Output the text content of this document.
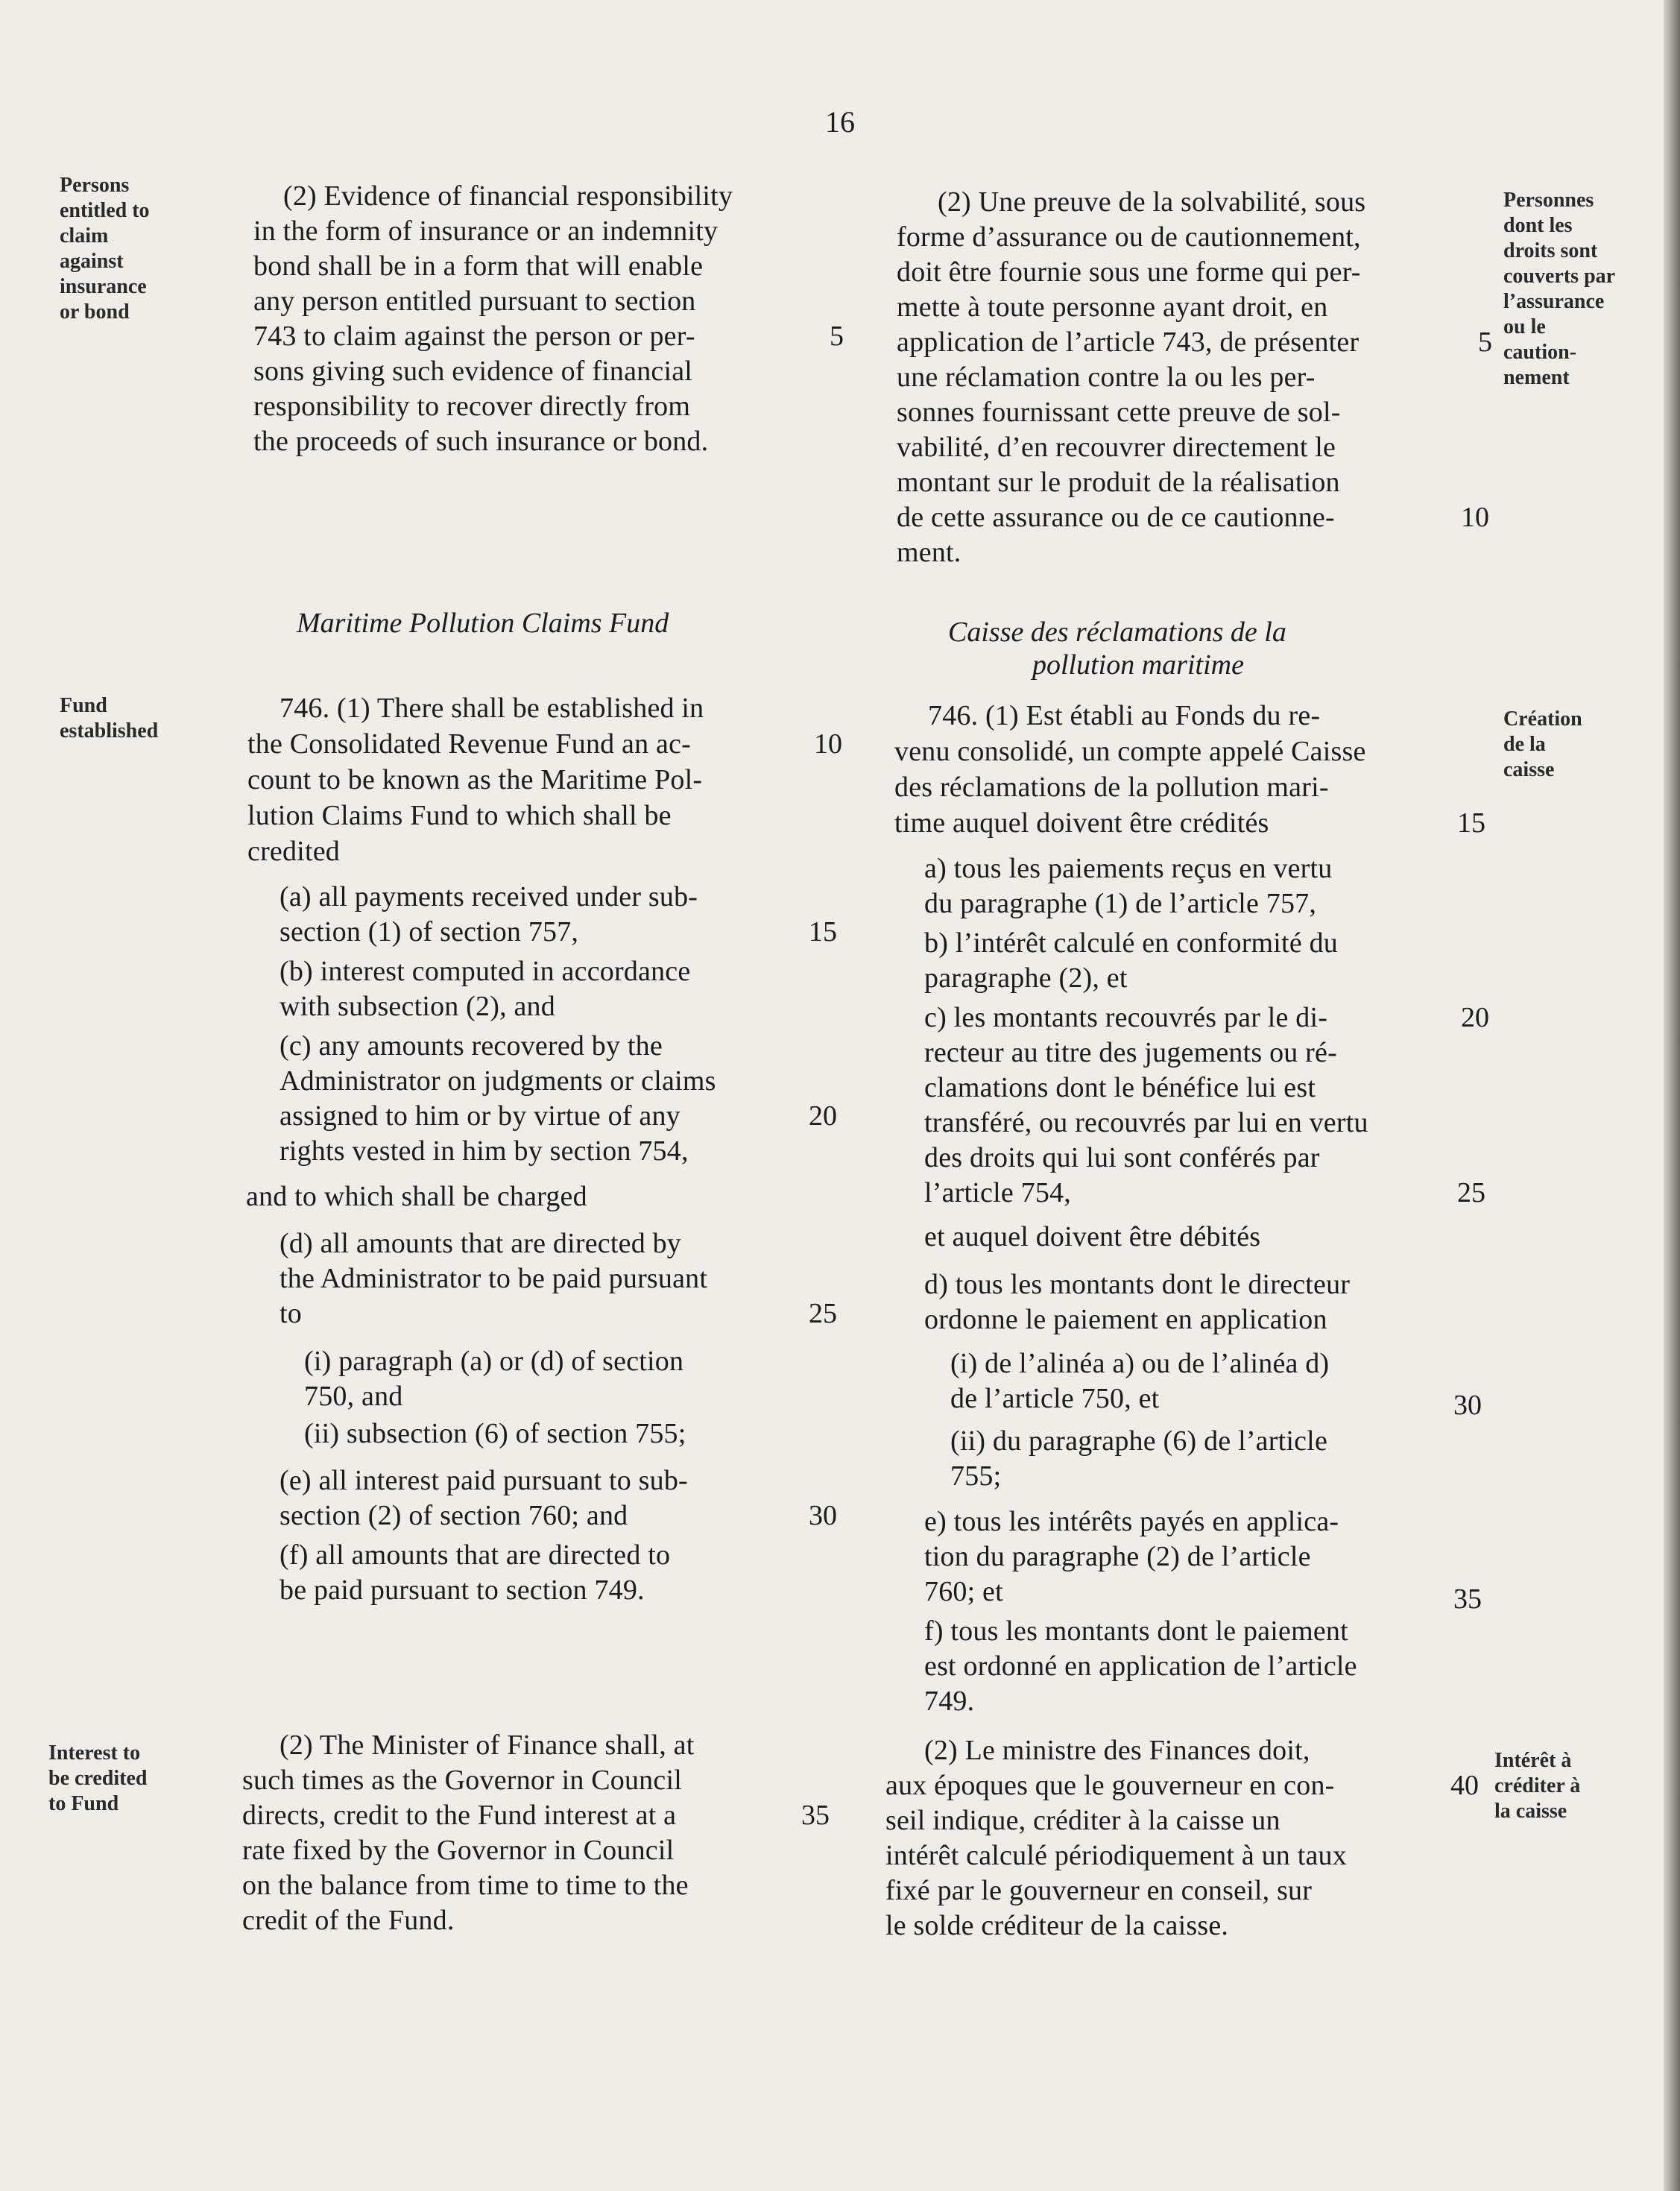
16
Persons
entitled to
claim
against
insurance
or bond
Personnes
dont les
droits sont
couverts par
l’assurance
ou le
caution-
nement
Fund
established
Création
de la
caisse
Interest to
be credited
to Fund
Intérêt à
créditer à
la caisse
Maritime Pollution Claims Fund	Caisse des réclamations de la
pollution maritime
(2) Evidence of financial responsibility
in the form of insurance or an indemnity
bond shall be in a form that will enable
any person entitled pursuant to section
743 to claim against the person or per-
sons giving such evidence of financial
responsibility to recover directly from
the proceeds of such insurance or bond.
746. (1) There shall be established in
the Consolidated Revenue Fund an ac-
count to be known as the Maritime Pol-
lution Claims Fund to which shall be
credited
(a) all payments received under sub-
section (1) of section 757,
(b) interest computed in accordance
with subsection (2), and
(c) any amounts recovered by the
Administrator on judgments or claims
assigned to him or by virtue of any
rights vested in him by section 754,
and to which shall be charged
(d) all amounts that are directed by
the Administrator to be paid pursuant
to
(i) paragraph (a) or (d) of section
750, and
(ii) subsection (6) of section 755;
(e) all interest paid pursuant to sub-
section (2) of section 760; and
(f) all amounts that are directed to
be paid pursuant to section 749.
(2) The Minister of Finance shall, at
such times as the Governor in Council
directs, credit to the Fund interest at a
rate fixed by the Governor in Council
on the balance from time to time to the
credit of the Fund.
5
10
15
20
25
30
35
(2) Une preuve de la solvabilité, sous
forme d’assurance ou de cautionnement,
doit être fournie sous une forme qui per-
mette à toute personne ayant droit, en
application de l’article 743, de présenter
une réclamation contre la ou les per-
sonnes fournissant cette preuve de sol-
vabilité, d’en recouvrer directement le
montant sur le produit de la réalisation
de cette assurance ou de ce cautionne-
ment.
746. (1) Est établi au Fonds du re-
venu consolidé, un compte appelé Caisse
des réclamations de la pollution mari-
time auquel doivent être crédités
a) tous les paiements reçus en vertu
du paragraphe (1) de l’article 757,
b) l’intérêt calculé en conformité du
paragraphe (2), et
c) les montants recouvrés par le di-
recteur au titre des jugements ou ré-
clamations dont le bénéfice lui est
transféré, ou recouvrés par lui en vertu
des droits qui lui sont conférés par
l’article 754,
et auquel doivent être débités
d) tous les montants dont le directeur
ordonne le paiement en application
(i) de l’alinéa a) ou de l’alinéa d)
de l’article 750, et
(ii) du paragraphe (6) de l’article
755;
e) tous les intérêts payés en applica-
tion du paragraphe (2) de l’article
760; et
f) tous les montants dont le paiement
est ordonné en application de l’article
749.
(2) Le ministre des Finances doit,
aux époques que le gouverneur en con-
seil indique, créditer à la caisse un
intérêt calculé périodiquement à un taux
fixé par le gouverneur en conseil, sur
le solde créditeur de la caisse.
5
10
15
20
25
30
35
40
